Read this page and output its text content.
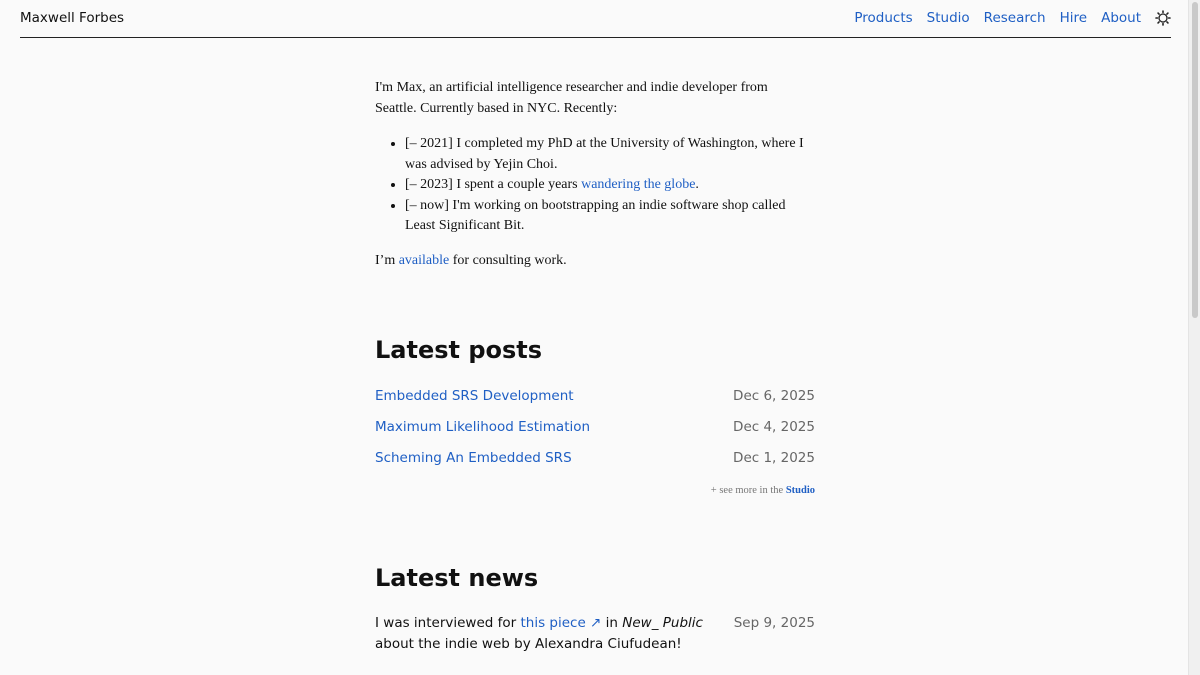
Maxwell Forbes	Products Studio Research Hire About

I'm Max, an artificial intelligence researcher and indie developer from Seattle. Currently based in NYC. Recently:

• [– 2021] I completed my PhD at the University of Washington, where I was advised by Yejin Choi.
• [– 2023] I spent a couple years wandering the globe.
• [– now] I'm working on bootstrapping an indie software shop called Least Significant Bit.

I’m available for consulting work.

Latest posts
Embedded SRS Development	Dec 6, 2025
Maximum Likelihood Estimation	Dec 4, 2025
Scheming An Embedded SRS	Dec 1, 2025
+ see more in the Studio
Latest news
I was interviewed for this piece ↗ in New_ Public about the indie web by Alexandra Ciufudean!
Sep 9, 2025
